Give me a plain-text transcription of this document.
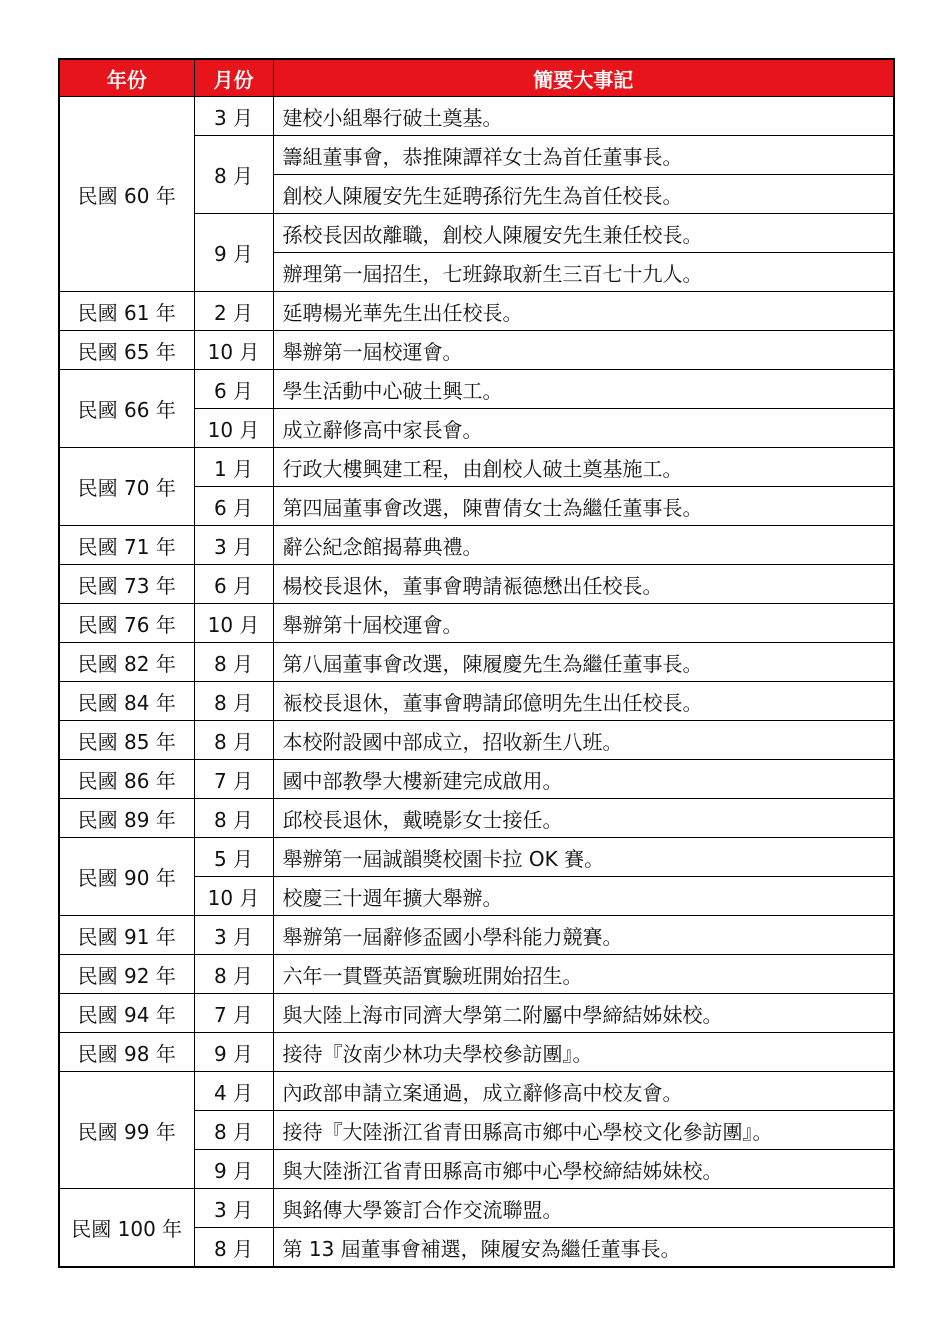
年份	月份	簡要大事記
民國 60 年	3 月	建校小組舉行破土奠基。
	8 月	籌組董事會，恭推陳譚祥女士為首任董事長。
		創校人陳履安先生延聘孫衍先生為首任校長。
	9 月	孫校長因故離職，創校人陳履安先生兼任校長。
		辦理第一屆招生，七班錄取新生三百七十九人。
民國 61 年	2 月	延聘楊光華先生出任校長。
民國 65 年	10 月	舉辦第一屆校運會。
民國 66 年	6 月	學生活動中心破土興工。
	10 月	成立辭修高中家長會。
民國 70 年	1 月	行政大樓興建工程，由創校人破土奠基施工。
	6 月	第四屆董事會改選，陳曹倩女士為繼任董事長。
民國 71 年	3 月	辭公紀念館揭幕典禮。
民國 73 年	6 月	楊校長退休，董事會聘請裖德懋出任校長。
民國 76 年	10 月	舉辦第十屆校運會。
民國 82 年	8 月	第八屆董事會改選，陳履慶先生為繼任董事長。
民國 84 年	8 月	裖校長退休，董事會聘請邱億明先生出任校長。
民國 85 年	8 月	本校附設國中部成立，招收新生八班。
民國 86 年	7 月	國中部教學大樓新建完成啟用。
民國 89 年	8 月	邱校長退休，戴曉影女士接任。
民國 90 年	5 月	舉辦第一屆誠韻獎校園卡拉 OK 賽。
	10 月	校慶三十週年擴大舉辦。
民國 91 年	3 月	舉辦第一屆辭修盃國小學科能力競賽。
民國 92 年	8 月	六年一貫暨英語實驗班開始招生。
民國 94 年	7 月	與大陸上海市同濟大學第二附屬中學締結姊妹校。
民國 98 年	9 月	接待『汝南少林功夫學校參訪團』。
民國 99 年	4 月	內政部申請立案通過，成立辭修高中校友會。
	8 月	接待『大陸浙江省青田縣高市鄉中心學校文化參訪團』。
	9 月	與大陸浙江省青田縣高市鄉中心學校締結姊妹校。
民國 100 年	3 月	與銘傳大學簽訂合作交流聯盟。
	8 月	第 13 屆董事會補選，陳履安為繼任董事長。
